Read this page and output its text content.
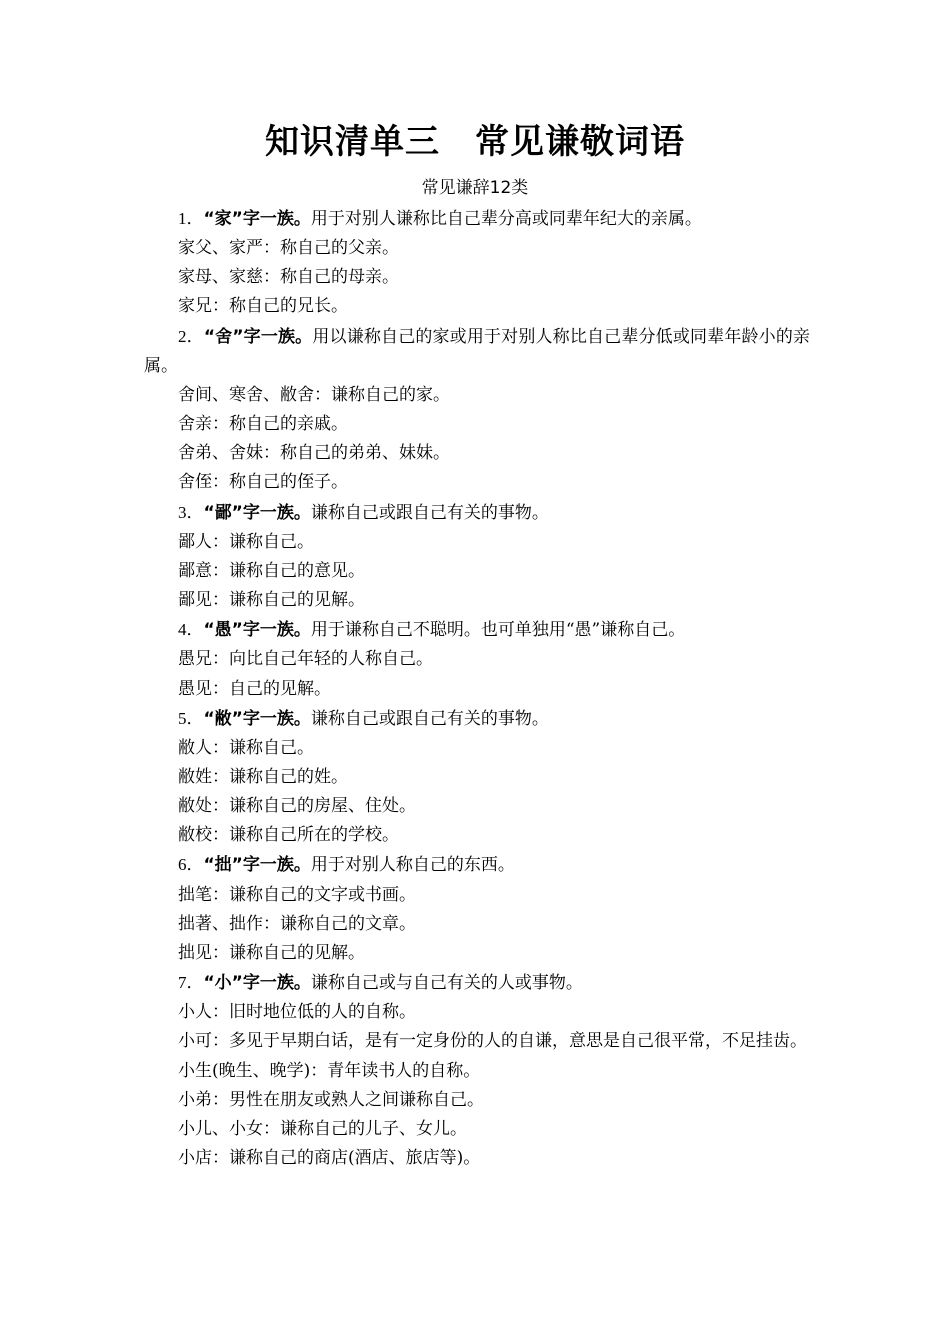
知识清单三　常见谦敬词语
常见谦辞12类

1．“家”字一族。用于对别人谦称比自己辈分高或同辈年纪大的亲属。

家父、家严：称自己的父亲。

家母、家慈：称自己的母亲。

家兄：称自己的兄长。

2．“舍”字一族。用以谦称自己的家或用于对别人称比自己辈分低或同辈年龄小的亲属。

舍间、寒舍、敝舍：谦称自己的家。

舍亲：称自己的亲戚。

舍弟、舍妹：称自己的弟弟、妹妹。

舍侄：称自己的侄子。

3．“鄙”字一族。谦称自己或跟自己有关的事物。

鄙人：谦称自己。

鄙意：谦称自己的意见。

鄙见：谦称自己的见解。

4．“愚”字一族。用于谦称自己不聪明。也可单独用“愚”谦称自己。

愚兄：向比自己年轻的人称自己。

愚见：自己的见解。

5．“敝”字一族。谦称自己或跟自己有关的事物。

敝人：谦称自己。

敝姓：谦称自己的姓。

敝处：谦称自己的房屋、住处。

敝校：谦称自己所在的学校。

6．“拙”字一族。用于对别人称自己的东西。

拙笔：谦称自己的文字或书画。

拙著、拙作：谦称自己的文章。

拙见：谦称自己的见解。

7．“小”字一族。谦称自己或与自己有关的人或事物。

小人：旧时地位低的人的自称。

小可：多见于早期白话，是有一定身份的人的自谦，意思是自己很平常，不足挂齿。

小生(晚生、晚学)：青年读书人的自称。

小弟：男性在朋友或熟人之间谦称自己。

小儿、小女：谦称自己的儿子、女儿。

小店：谦称自己的商店(酒店、旅店等)。
